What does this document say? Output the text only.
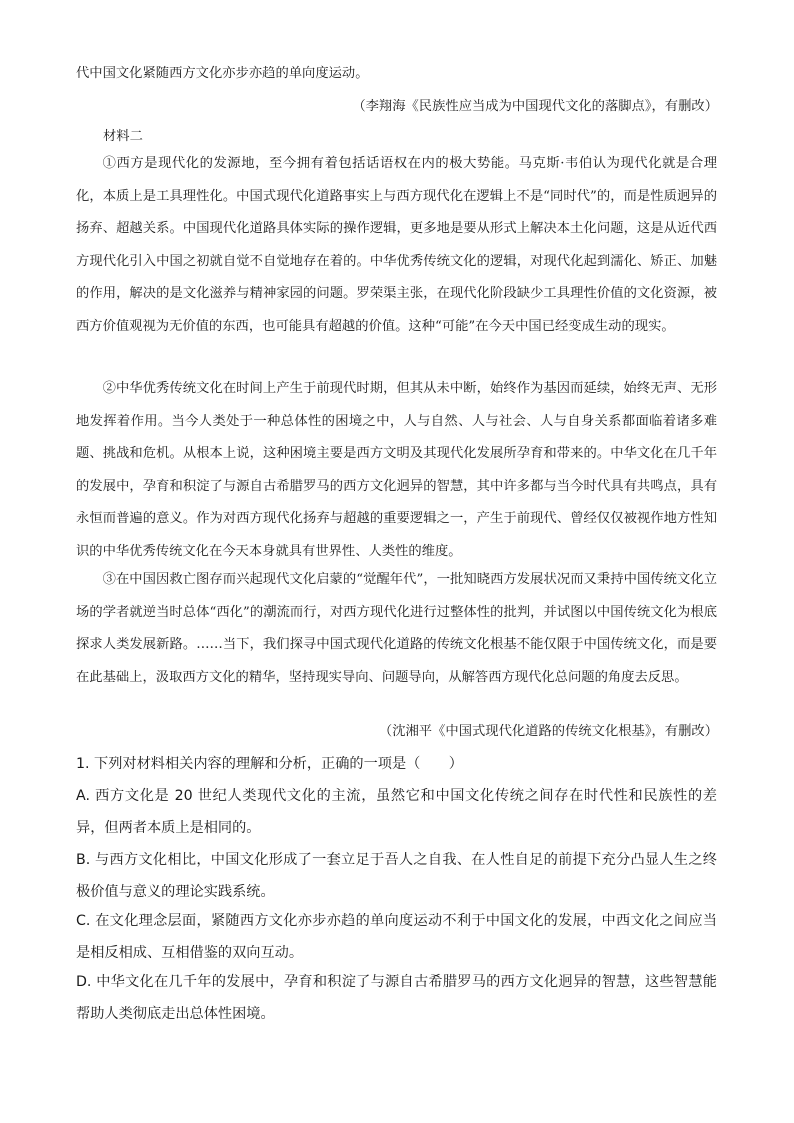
代中国文化紧随西方文化亦步亦趋的单向度运动。
（李翔海《民族性应当成为中国现代文化的落脚点》，有删改）
材料二

①西方是现代化的发源地，至今拥有着包括话语权在内的极大势能。马克斯·韦伯认为现代化就是合理化，本质上是工具理性化。中国式现代化道路事实上与西方现代化在逻辑上不是“同时代”的，而是性质迥异的扬弃、超越关系。中国现代化道路具体实际的操作逻辑，更多地是要从形式上解决本土化问题，这是从近代西方现代化引入中国之初就自觉不自觉地存在着的。中华优秀传统文化的逻辑，对现代化起到濡化、矫正、加魅的作用，解决的是文化滋养与精神家园的问题。罗荣渠主张，在现代化阶段缺少工具理性价值的文化资源，被西方价值观视为无价值的东西，也可能具有超越的价值。这种“可能”在今天中国已经变成生动的现实。

②中华优秀传统文化在时间上产生于前现代时期，但其从未中断，始终作为基因而延续，始终无声、无形地发挥着作用。当今人类处于一种总体性的困境之中，人与自然、人与社会、人与自身关系都面临着诸多难题、挑战和危机。从根本上说，这种困境主要是西方文明及其现代化发展所孕育和带来的。中华文化在几千年的发展中，孕育和积淀了与源自古希腊罗马的西方文化迥异的智慧，其中许多都与当今时代具有共鸣点，具有永恒而普遍的意义。作为对西方现代化扬弃与超越的重要逻辑之一，产生于前现代、曾经仅仅被视作地方性知识的中华优秀传统文化在今天本身就具有世界性、人类性的维度。

③在中国因救亡图存而兴起现代文化启蒙的“觉醒年代”，一批知晓西方发展状况而又秉持中国传统文化立场的学者就逆当时总体“西化”的潮流而行，对西方现代化进行过整体性的批判，并试图以中国传统文化为根底探求人类发展新路。……当下，我们探寻中国式现代化道路的传统文化根基不能仅限于中国传统文化，而是要在此基础上，汲取西方文化的精华，坚持现实导向、问题导向，从解答西方现代化总问题的角度去反思。

（沈湘平《中国式现代化道路的传统文化根基》，有删改）

1. 下列对材料相关内容的理解和分析，正确的一项是（　　）

A. 西方文化是 20 世纪人类现代文化的主流，虽然它和中国文化传统之间存在时代性和民族性的差异，但两者本质上是相同的。

B. 与西方文化相比，中国文化形成了一套立足于吾人之自我、在人性自足的前提下充分凸显人生之终极价值与意义的理论实践系统。

C. 在文化理念层面，紧随西方文化亦步亦趋的单向度运动不利于中国文化的发展，中西文化之间应当是相反相成、互相借鉴的双向互动。

D. 中华文化在几千年的发展中，孕育和积淀了与源自古希腊罗马的西方文化迥异的智慧，这些智慧能帮助人类彻底走出总体性困境。
